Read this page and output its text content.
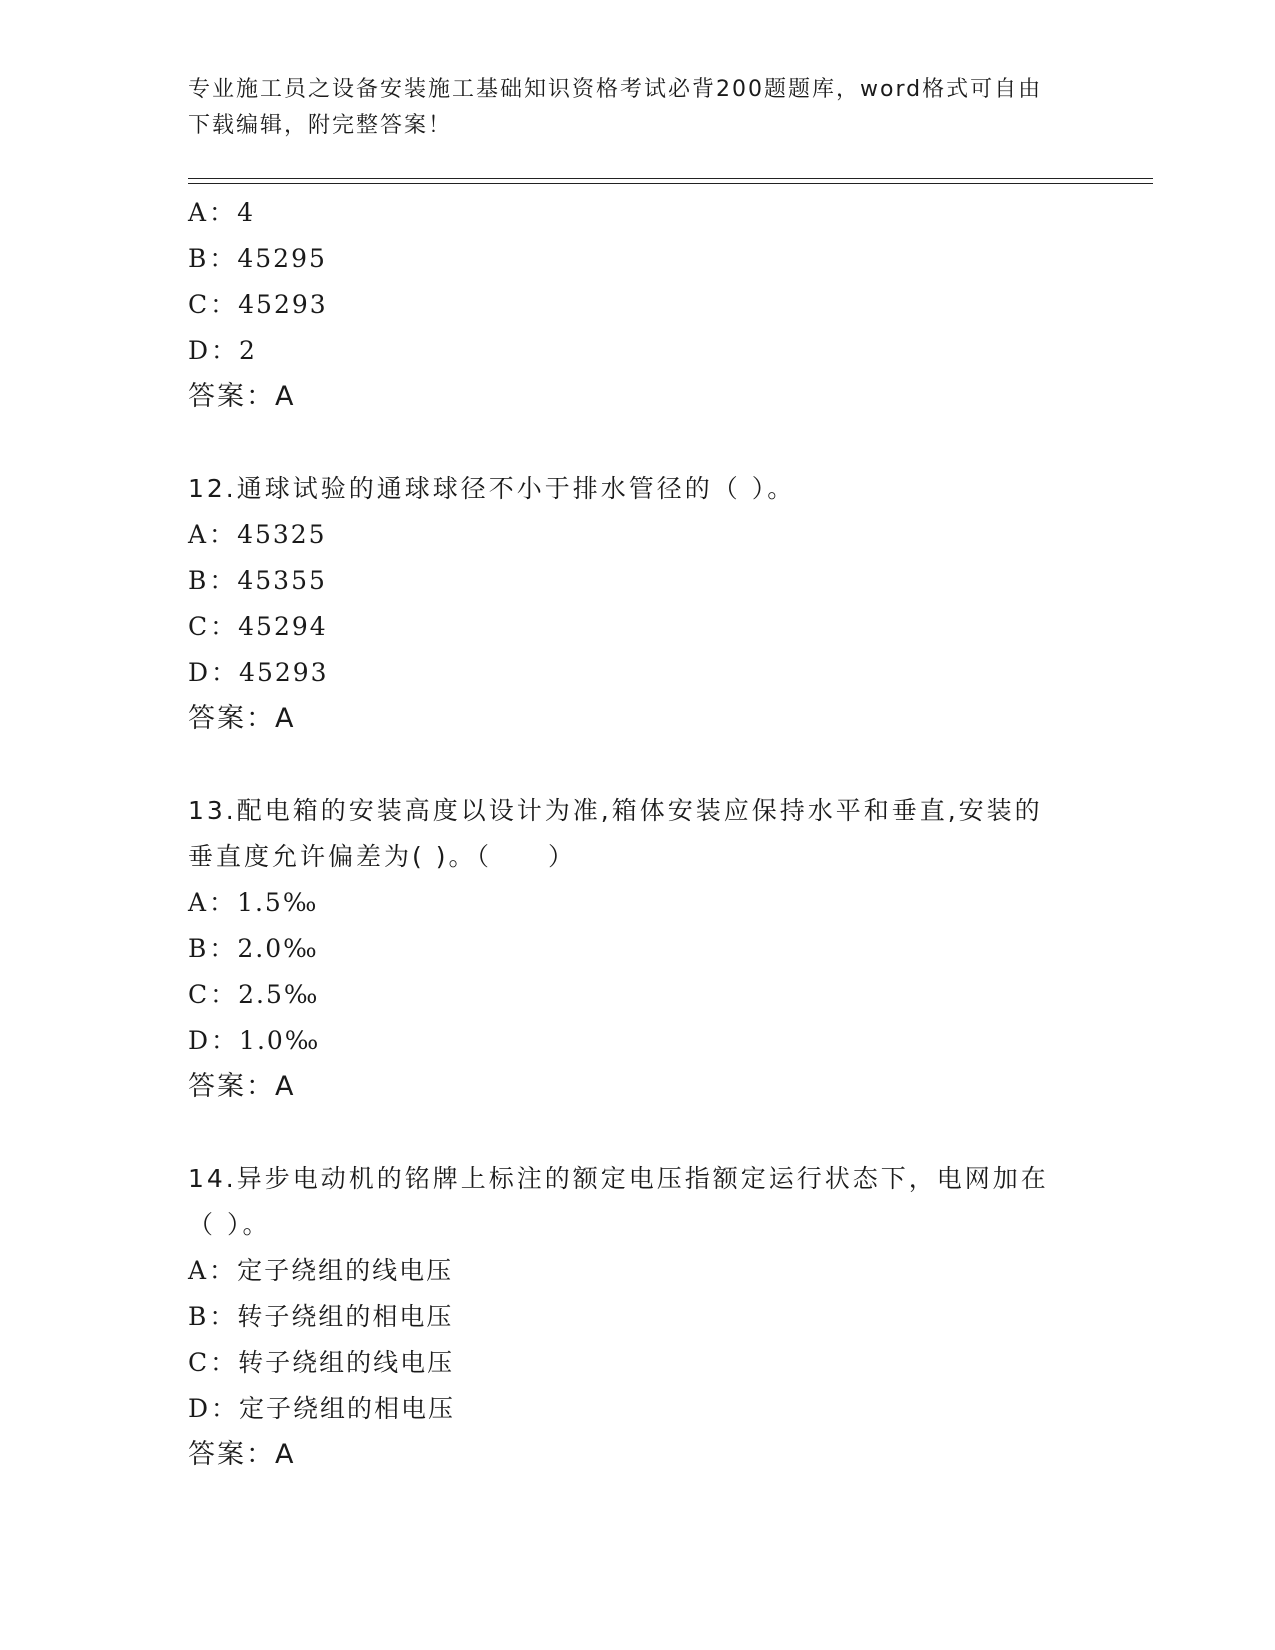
专业施工员之设备安装施工基础知识资格考试必背200题题库，word格式可自由
下载编辑，附完整答案！
A：4
B：45295
C：45293
D：2
答案：A
12.通球试验的通球球径不小于排水管径的（ ）。
A：45325
B：45355
C：45294
D：45293
答案：A
13.配电箱的安装高度以设计为准,箱体安装应保持水平和垂直,安装的
垂直度允许偏差为( )。（　　）
A：1.5‰
B：2.0‰
C：2.5‰
D：1.0‰
答案：A
14.异步电动机的铭牌上标注的额定电压指额定运行状态下，电网加在
（ ）。
A：定子绕组的线电压
B：转子绕组的相电压
C：转子绕组的线电压
D：定子绕组的相电压
答案：A
